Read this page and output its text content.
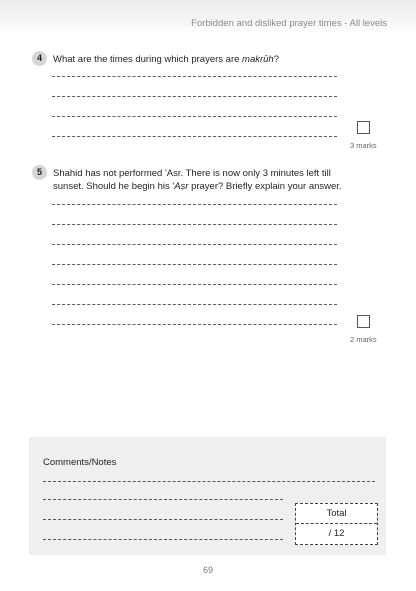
Forbidden and disliked prayer times - All levels
4	What are the times during which prayers are makrūh?
3 marks
5	Shahid has not performed 'Asr. There is now only 3 minutes left till
sunset. Should he begin his 'Aṣr prayer? Briefly explain your answer.
2 marks
Comments/Notes
Total
/ 12
69
